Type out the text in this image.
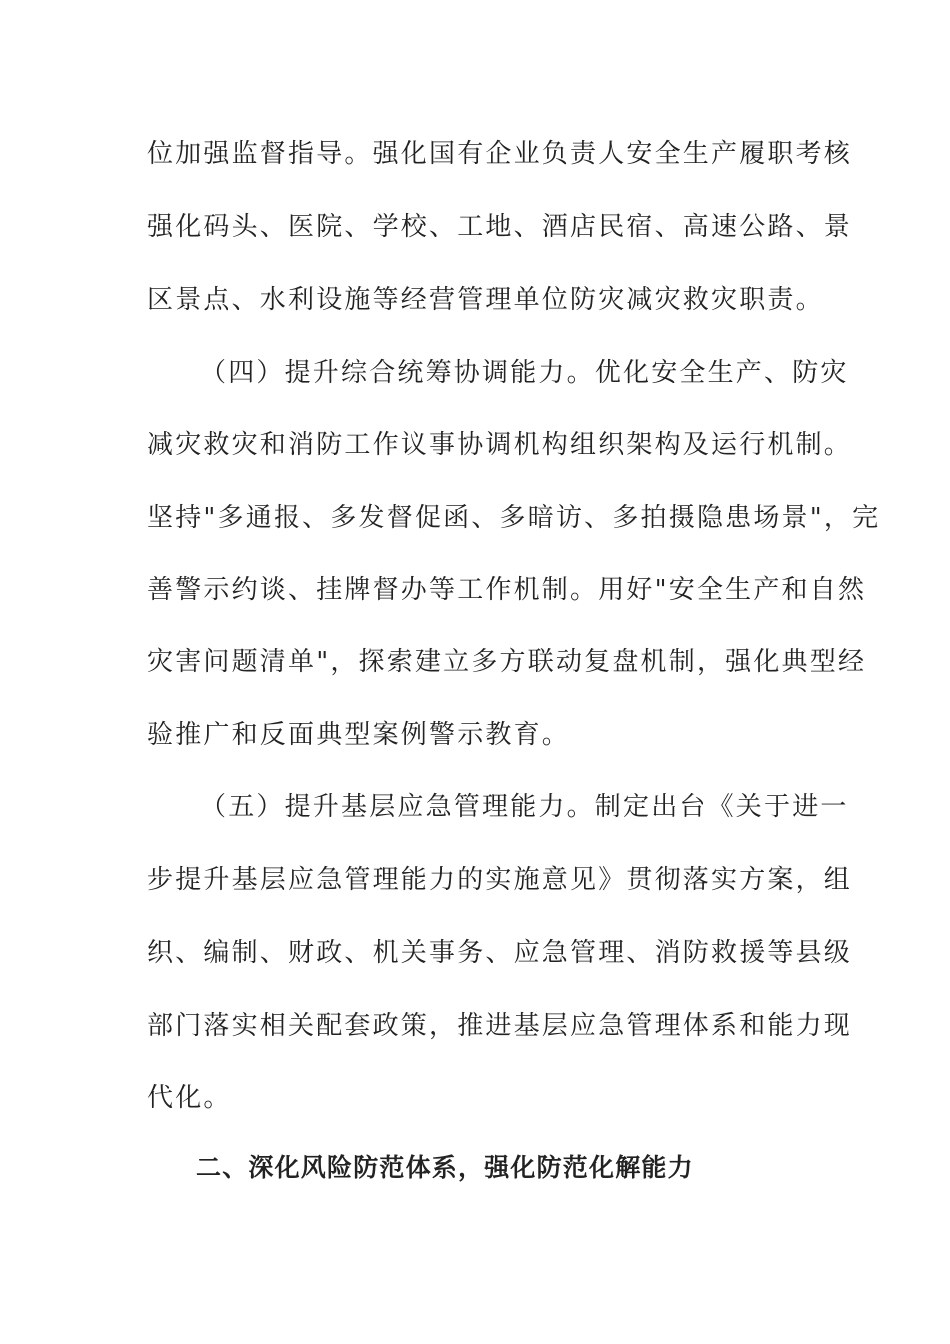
位加强监督指导。强化国有企业负责人安全生产履职考核
强化码头、医院、学校、工地、酒店民宿、高速公路、景
区景点、水利设施等经营管理单位防灾减灾救灾职责。
（四）提升综合统筹协调能力。优化安全生产、防灾
减灾救灾和消防工作议事协调机构组织架构及运行机制。
坚持"多通报、多发督促函、多暗访、多拍摄隐患场景"，完
善警示约谈、挂牌督办等工作机制。用好"安全生产和自然
灾害问题清单"，探索建立多方联动复盘机制，强化典型经
验推广和反面典型案例警示教育。
（五）提升基层应急管理能力。制定出台《关于进一
步提升基层应急管理能力的实施意见》贯彻落实方案，组
织、编制、财政、机关事务、应急管理、消防救援等县级
部门落实相关配套政策，推进基层应急管理体系和能力现
代化。
二、深化风险防范体系，强化防范化解能力
